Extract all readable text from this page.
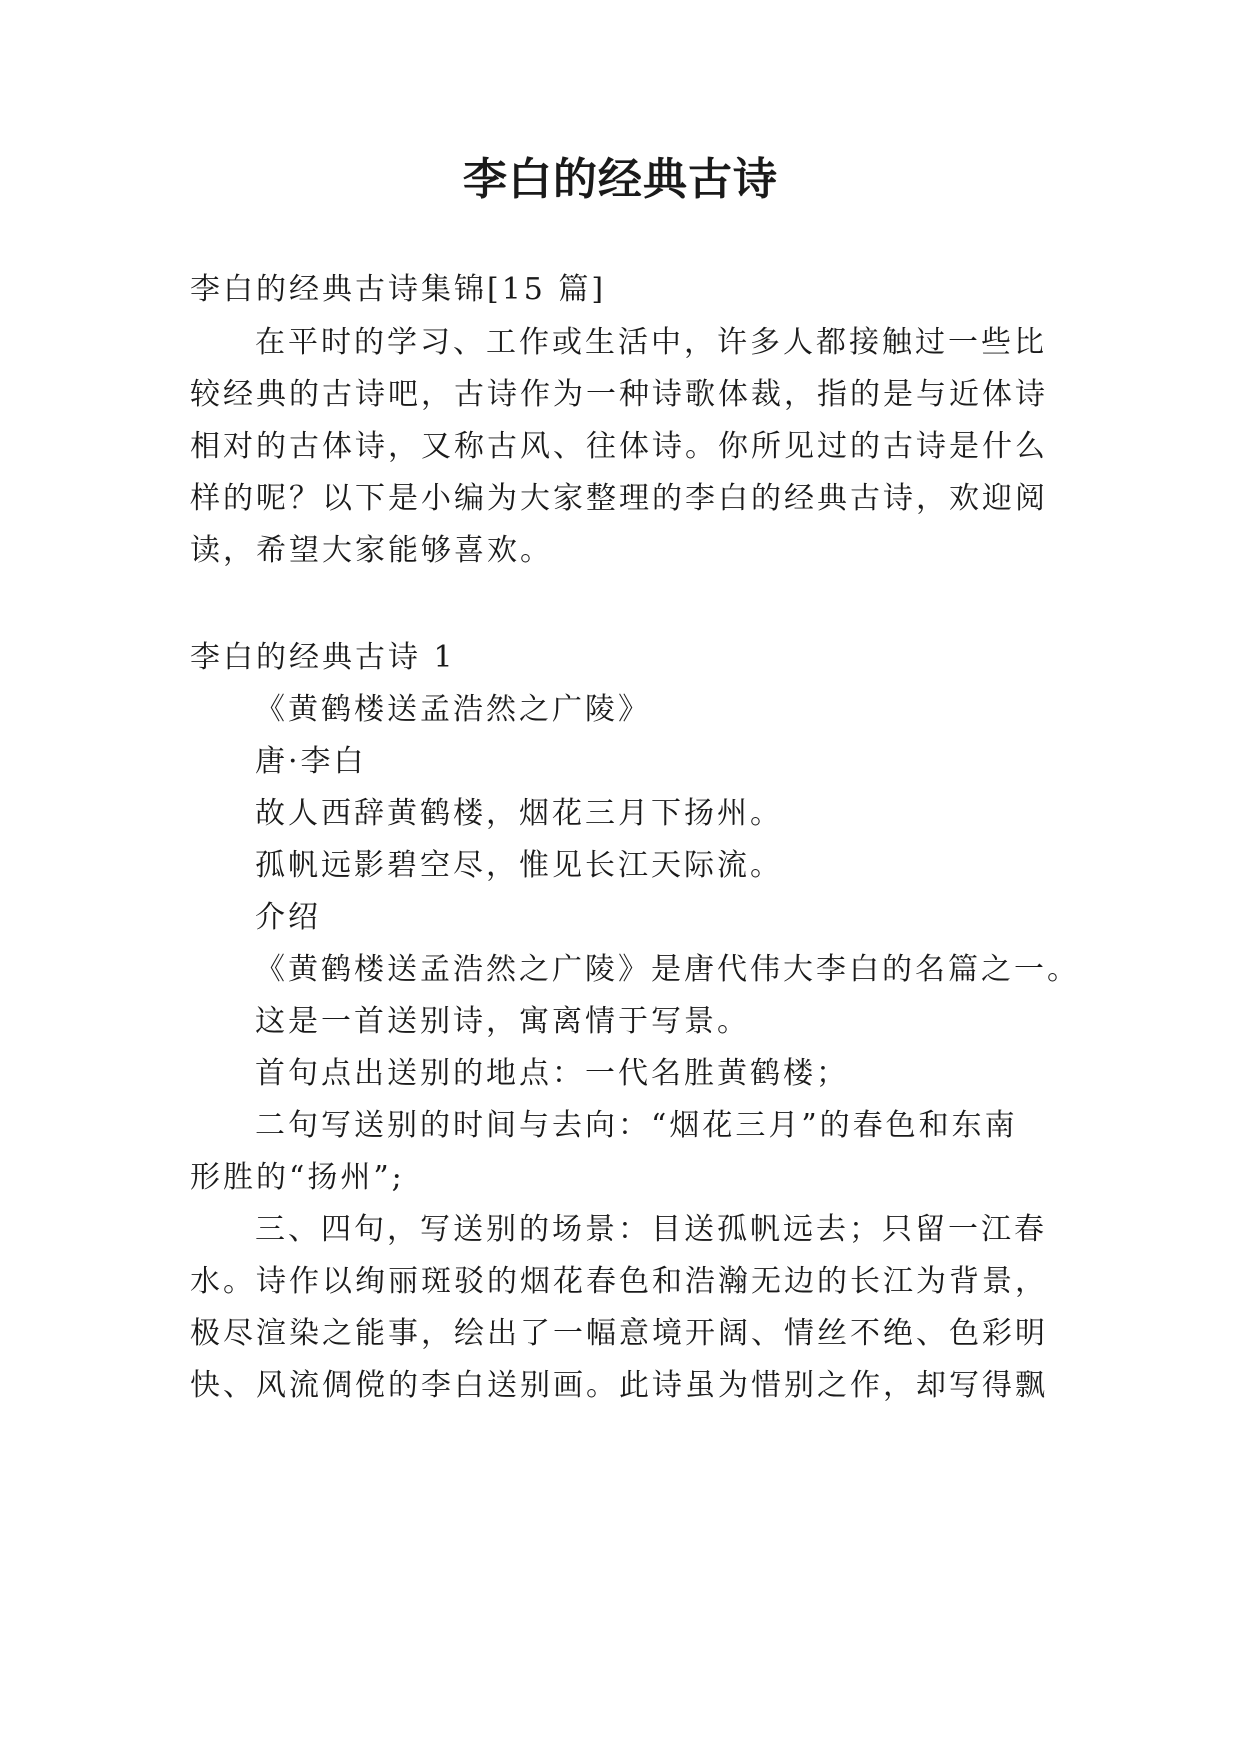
李白的经典古诗
李白的经典古诗集锦[15 篇]
在平时的学习、工作或生活中，许多人都接触过一些比
较经典的古诗吧，古诗作为一种诗歌体裁，指的是与近体诗
相对的古体诗，又称古风、往体诗。你所见过的古诗是什么
样的呢？以下是小编为大家整理的李白的经典古诗，欢迎阅
读，希望大家能够喜欢。
李白的经典古诗 1
《黄鹤楼送孟浩然之广陵》
唐·李白
故人西辞黄鹤楼，烟花三月下扬州。
孤帆远影碧空尽，惟见长江天际流。
介绍
《黄鹤楼送孟浩然之广陵》是唐代伟大李白的名篇之一。
这是一首送别诗，寓离情于写景。
首句点出送别的地点：一代名胜黄鹤楼；
二句写送别的时间与去向：“烟花三月”的春色和东南
形胜的“扬州”;
三、四句，写送别的场景：目送孤帆远去；只留一江春
水。诗作以绚丽斑驳的烟花春色和浩瀚无边的长江为背景，
极尽渲染之能事，绘出了一幅意境开阔、情丝不绝、色彩明
快、风流倜傥的李白送别画。此诗虽为惜别之作，却写得飘
